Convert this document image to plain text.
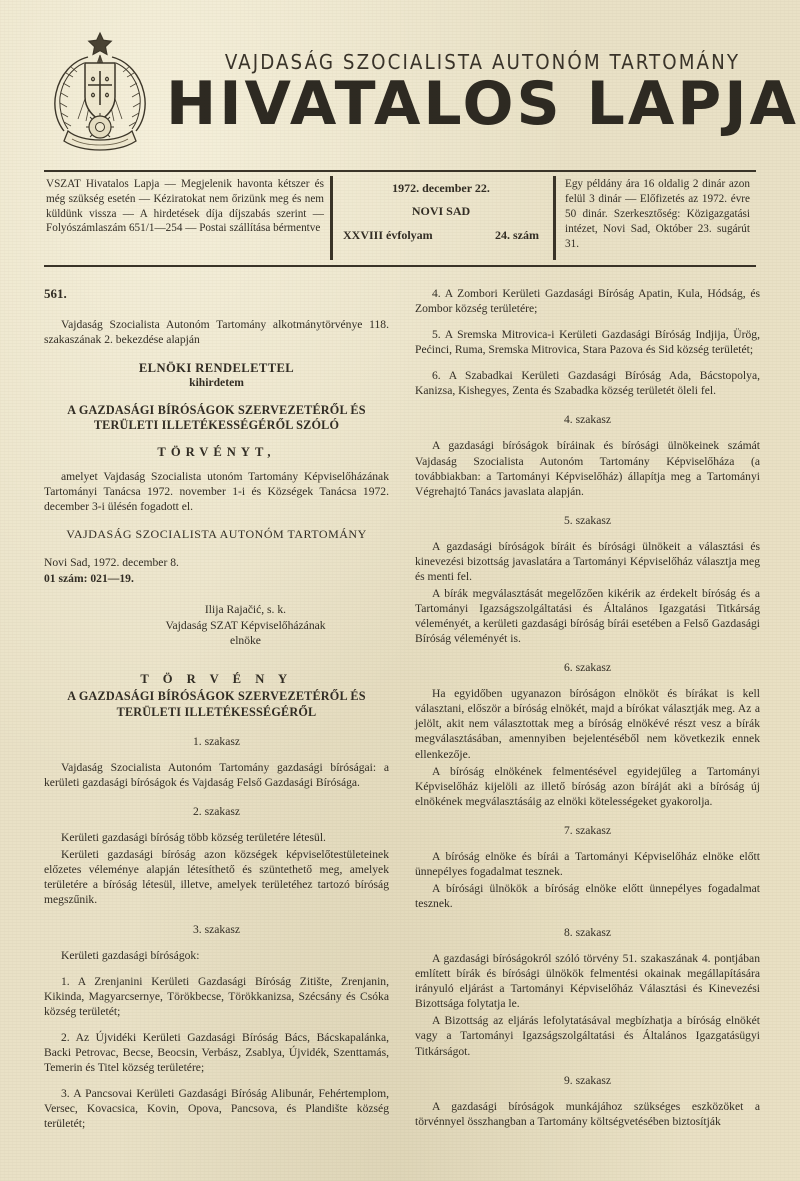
VAJDASÁG SZOCIALISTA AUTONÓM TARTOMÁNY
HIVATALOS LAPJA
VSZAT Hivatalos Lapja — Megjelenik havonta kétszer és még szükség esetén — Kéziratokat nem őrizünk meg és nem küldünk vissza — A hirdetések díja díjszabás szerint — Folyószámlaszám 651/1—254 — Postai szállítása bérmentve
1972. december 22.
NOVI SAD
XXVIII évfolyam	24. szám
Egy példány ára 16 oldalig 2 dinár azon felül 3 dinár — Előfizetés az 1972. évre 50 dinár. Szerkesztőség: Közigazgatási intézet, Novi Sad, Október 23. sugárút 31.
561.

Vajdaság Szocialista Autonóm Tartomány alkotmánytörvénye 118. szakaszának 2. bekezdése alapján

ELNÖKI RENDELETTEL
kihirdetem
A GAZDASÁGI BÍRÓSÁGOK SZERVEZETÉRŐL ÉS TERÜLETI ILLETÉKESSÉGÉRŐL SZÓLÓ
TÖRVÉNYT,

amelyet Vajdaság Szocialista utonóm Tartomány Képviselőházának Tartományi Tanácsa 1972. november 1-i és Községek Tanácsa 1972. december 3-i ülésén fogadott el.

VAJDASÁG SZOCIALISTA AUTONÓM TARTOMÁNY
Novi Sad, 1972. december 8.
01 szám: 021—19.
Ilija Rajačić, s. k.
Vajdaság SZAT Képviselőházának
elnöke
T Ö R V É N Y
A GAZDASÁGI BÍRÓSÁGOK SZERVEZETÉRŐL ÉS TERÜLETI ILLETÉKESSÉGÉRŐL
1. szakasz

Vajdaság Szocialista Autonóm Tartomány gazdasági bíróságai: a kerületi gazdasági bíróságok és Vajdaság Felső Gazdasági Bírósága.

2. szakasz

Kerületi gazdasági bíróság több község területére létesül.

Kerületi gazdasági bíróság azon községek képviselőtestületeinek előzetes véleménye alapján létesíthető és szüntethető meg, amelyek területére a bíróság létesül, illetve, amelyek területéhez tartozó bíróság megszűnik.

3. szakasz

Kerületi gazdasági bíróságok:

1. A Zrenjanini Kerületi Gazdasági Bíróság Zitište, Zrenjanin, Kikinda, Magyarcsernye, Törökbecse, Törökkanizsa, Szécsány és Csóka község területét;

2. Az Újvidéki Kerületi Gazdasági Bíróság Bács, Bácskapalánka, Backi Petrovac, Becse, Beocsin, Verbász, Zsablya, Újvidék, Szenttamás, Temerin és Titel község területére;

3. A Pancsovai Kerületi Gazdasági Bíróság Alibunár, Fehértemplom, Versec, Kovacsica, Kovin, Opova, Pancsova, és Plandište község területét;

4. A Zombori Kerületi Gazdasági Bíróság Apatin, Kula, Hódság, és Zombor község területére;

5. A Sremska Mitrovica-i Kerületi Gazdasági Bíróság Indjija, Ürög, Pećinci, Ruma, Sremska Mitrovica, Stara Pazova és Sid község területét;

6. A Szabadkai Kerületi Gazdasági Bíróság Ada, Bácstopolya, Kanizsa, Kishegyes, Zenta és Szabadka község területét öleli fel.

4. szakasz

A gazdasági bíróságok bíráinak és bírósági ülnökeinek számát Vajdaság Szocialista Autonóm Tartomány Képviselőháza (a továbbiakban: a Tartományi Képviselőház) állapítja meg a Tartományi Végrehajtó Tanács javaslata alapján.

5. szakasz

A gazdasági bíróságok bíráit és bírósági ülnökeit a választási és kinevezési bizottság javaslatára a Tartományi Képviselőház választja meg és menti fel.

A bírák megválasztását megelőzően kikérik az érdekelt bíróság és a Tartományi Igazságszolgáltatási és Általános Igazgatási Titkárság véleményét, a kerületi gazdasági bíróság bírái esetében a Felső Gazdasági Bíróság véleményét is.

6. szakasz

Ha egyidőben ugyanazon bíróságon elnököt és bírákat is kell választani, először a bíróság elnökét, majd a bírókat választják meg. Az a jelölt, akit nem választottak meg a bíróság elnökévé részt vesz a bírák megválasztásában, amennyiben bejelentéséből nem következik ennek ellenkezője.

A bíróság elnökének felmentésével egyidejűleg a Tartományi Képviselőház kijelöli az illető bíróság azon bíráját aki a bíróság új elnökének megválasztásáig az elnöki kötelességeket gyakorolja.

7. szakasz

A bíróság elnöke és bírái a Tartományi Képviselőház elnöke előtt ünnepélyes fogadalmat tesznek.

A bírósági ülnökök a bíróság elnöke előtt ünnepélyes fogadalmat tesznek.

8. szakasz

A gazdasági bíróságokról szóló törvény 51. szakaszának 4. pontjában említett bírák és bírósági ülnökök felmentési okainak megállapítására irányuló eljárást a Tartományi Képviselőház Választási és Kinevezési Bizottsága folytatja le.

A Bizottság az eljárás lefolytatásával megbízhatja a bíróság elnökét vagy a Tartományi Igazságszolgáltatási és Általános Igazgatásügyi Titkárságot.

9. szakasz

A gazdasági bíróságok munkájához szükséges eszközöket a törvénnyel összhangban a Tartomány költségvetésében biztosítják
